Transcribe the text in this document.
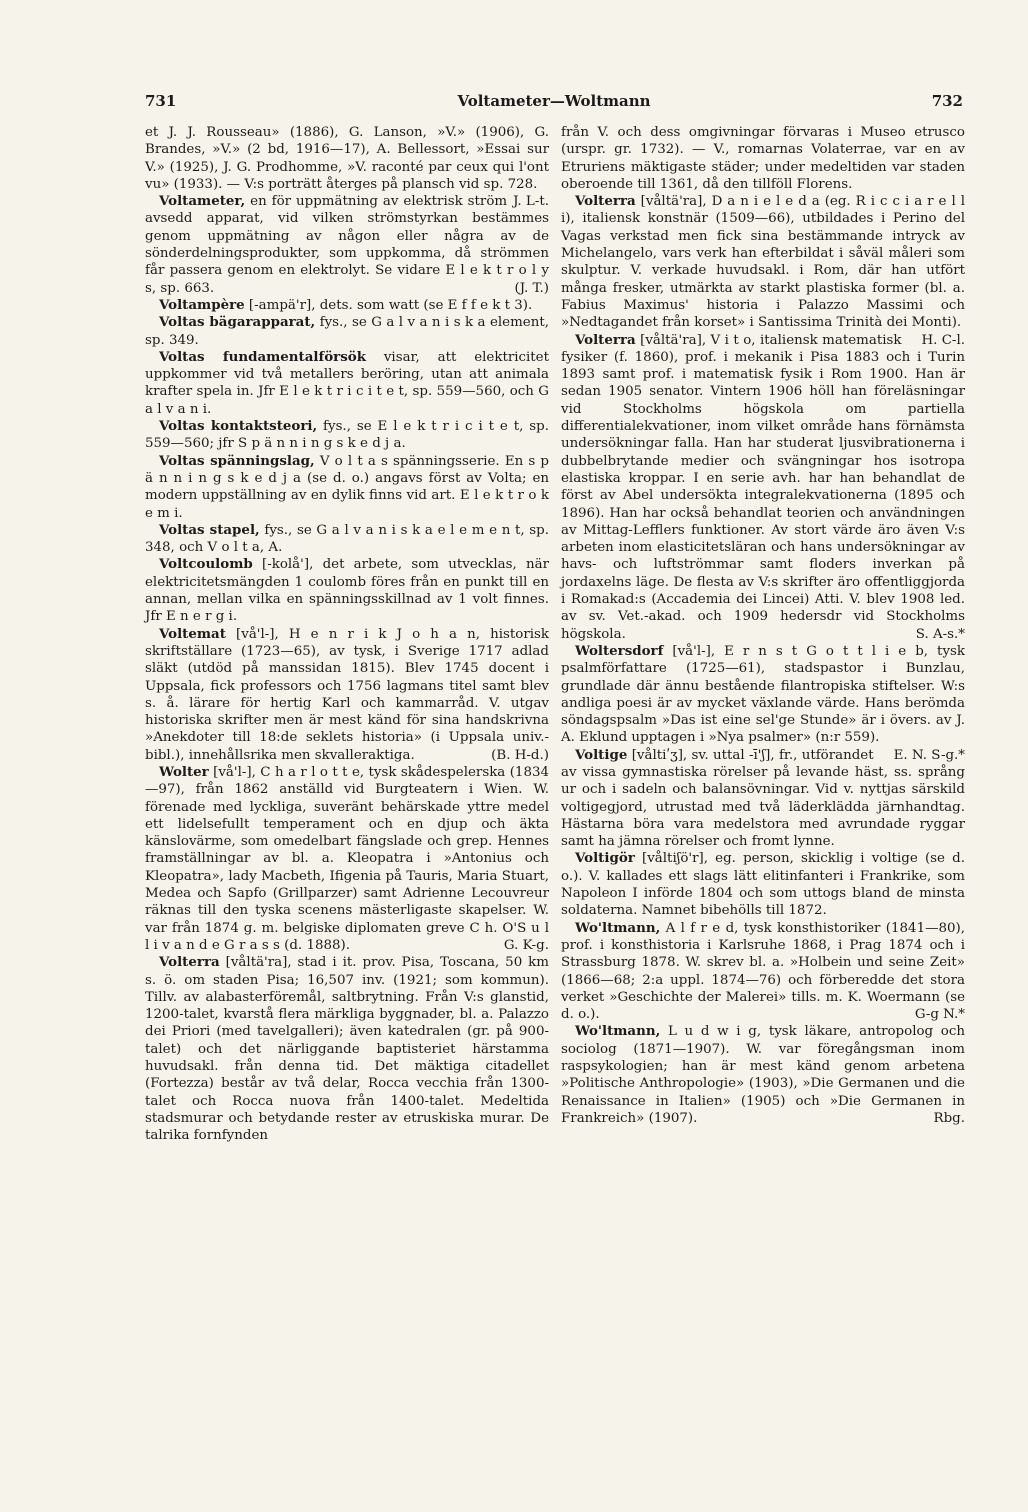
731	Voltameter—Woltmann	732

et J. J. Rousseau» (1886), G. Lanson, »V.» (1906), G. Brandes, »V.» (2 bd, 1916—17), A. Bellessort, »Essai sur V.» (1925), J. G. Prodhomme, »V. raconté par ceux qui l'ont vu» (1933). — V:s porträtt återges på plansch vid sp. 728.
J. L-t.

Voltameter, en för uppmätning av elektrisk ström avsedd apparat, vid vilken strömstyrkan bestämmes genom uppmätning av någon eller några av de sönderdelningsprodukter, som uppkomma, då strömmen får passera genom en elektrolyt. Se vidare E l e k t r o l y s, sp. 663.	(J. T.)

Voltampère [-ampä'r], dets. som watt (se E f f e k t 3).

Voltas bägarapparat, fys., se G a l v a n i s k a element, sp. 349.

Voltas fundamentalförsök visar, att elektricitet uppkommer vid två metallers beröring, utan att animala krafter spela in. Jfr E l e k t r i c i t e t, sp. 559—560, och G a l v a n i.

Voltas kontaktsteori, fys., se E l e k t r i c i t e t, sp. 559—560; jfr S p ä n n i n g s k e d j a.

Voltas spänningslag, V o l t a s spänningsserie. En s p ä n n i n g s k e d j a (se d. o.) angavs först av Volta; en modern uppställning av en dylik finns vid art. E l e k t r o k e m i.

Voltas stapel, fys., se G a l v a n i s k a e l e m e n t, sp. 348, och V o l t a, A.

Voltcoulomb [-kolå'], det arbete, som utvecklas, när elektricitetsmängden 1 coulomb föres från en punkt till en annan, mellan vilka en spänningsskillnad av 1 volt finnes. Jfr E n e r g i.

Voltemat [vå'l-], H e n r i k J o h a n, historisk skriftställare (1723—65), av tysk, i Sverige 1717 adlad släkt (utdöd på manssidan 1815). Blev 1745 docent i Uppsala, fick professors och 1756 lagmans titel samt blev s. å. lärare för hertig Karl och kammarråd. V. utgav historiska skrifter men är mest känd för sina handskrivna »Anekdoter till 18:de seklets historia» (i Uppsala univ.-bibl.), innehållsrika men skvalleraktiga.	(B. H-d.)

Wolter [vå'l-], C h a r l o t t e, tysk skådespelerska (1834—97), från 1862 anställd vid Burgteatern i Wien. W. förenade med lyckliga, suveränt behärskade yttre medel ett lidelsefullt temperament och en djup och äkta känslovärme, som omedelbart fängslade och grep. Hennes framställningar av bl. a. Kleopatra i »Antonius och Kleopatra», lady Macbeth, Ifigenia på Tauris, Maria Stuart, Medea och Sapfo (Grillparzer) samt Adrienne Lecouvreur räknas till den tyska scenens mästerligaste skapelser. W. var från 1874 g. m. belgiske diplomaten greve C h. O'S u l l i v a n d e G r a s s (d. 1888).	G. K-g.

Volterra [våltä'ra], stad i it. prov. Pisa, Toscana, 50 km s. ö. om staden Pisa; 16,507 inv. (1921; som kommun). Tillv. av alabasterföremål, saltbrytning. Från V:s glanstid, 1200-talet, kvarstå flera märkliga byggnader, bl. a. Palazzo dei Priori (med tavelgalleri); även katedralen (gr. på 900-talet) och det närliggande baptisteriet härstamma huvudsakl. från denna tid. Det mäktiga citadellet (Fortezza) består av två delar, Rocca vecchia från 1300-talet och Rocca nuova från 1400-talet. Medeltida stadsmurar och betydande rester av etruskiska murar. De talrika fornfynden

från V. och dess omgivningar förvaras i Museo etrusco (urspr. gr. 1732). — V., romarnas Volaterrae, var en av Etruriens mäktigaste städer; under medeltiden var staden oberoende till 1361, då den tillföll Florens.

Volterra [våltä'ra], D a n i e l e d a (eg. R i c c i a r e l l i), italiensk konstnär (1509—66), utbildades i Perino del Vagas verkstad men fick sina bestämmande intryck av Michelangelo, vars verk han efterbildat i såväl måleri som skulptur. V. verkade huvudsakl. i Rom, där han utfört många fresker, utmärkta av starkt plastiska former (bl. a. Fabius Maximus' historia i Palazzo Massimi och »Nedtagandet från korset» i Santissima Trinità dei Monti).
H. C-l.

Volterra [våltä'ra], V i t o, italiensk matematisk fysiker (f. 1860), prof. i mekanik i Pisa 1883 och i Turin 1893 samt prof. i matematisk fysik i Rom 1900. Han är sedan 1905 senator. Vintern 1906 höll han föreläsningar vid Stockholms högskola om partiella differentialekvationer, inom vilket område hans förnämsta undersökningar falla. Han har studerat ljusvibrationerna i dubbelbrytande medier och svängningar hos isotropa elastiska kroppar. I en serie avh. har han behandlat de först av Abel undersökta integralekvationerna (1895 och 1896). Han har också behandlat teorien och användningen av Mittag-Lefflers funktioner. Av stort värde äro även V:s arbeten inom elasticitetsläran och hans undersökningar av havs- och luftströmmar samt floders inverkan på jordaxelns läge. De flesta av V:s skrifter äro offentliggjorda i Romakad:s (Accademia dei Lincei) Atti. V. blev 1908 led. av sv. Vet.-akad. och 1909 hedersdr vid Stockholms högskola.	S. A-s.*

Woltersdorf [vå'l-], E r n s t G o t t l i e b, tysk psalmförfattare (1725—61), stadspastor i Bunzlau, grundlade där ännu bestående filantropiska stiftelser. W:s andliga poesi är av mycket växlande värde. Hans berömda söndagspsalm »Das ist eine sel'ge Stunde» är i övers. av J. A. Eklund upptagen i »Nya psalmer» (n:r 559).
E. N. S-g.*

Voltige [våltiʹʒ], sv. uttal -ī'ʃ], fr., utförandet av vissa gymnastiska rörelser på levande häst, ss. språng ur och i sadeln och balansövningar. Vid v. nyttjas särskild voltigegjord, utrustad med två läderklädda järnhandtag. Hästarna böra vara medelstora med avrundade ryggar samt ha jämna rörelser och fromt lynne.

Voltigör [våltiʃö'r], eg. person, skicklig i voltige (se d. o.). V. kallades ett slags lätt elitinfanteri i Frankrike, som Napoleon I införde 1804 och som uttogs bland de minsta soldaterna. Namnet bibehölls till 1872.

Wo'ltmann, A l f r e d, tysk konsthistoriker (1841—80), prof. i konsthistoria i Karlsruhe 1868, i Prag 1874 och i Strassburg 1878. W. skrev bl. a. »Holbein und seine Zeit» (1866—68; 2:a uppl. 1874—76) och förberedde det stora verket »Geschichte der Malerei» tills. m. K. Woermann (se d. o.).	G-g N.*

Wo'ltmann, L u d w i g, tysk läkare, antropolog och sociolog (1871—1907). W. var föregångsman inom raspsykologien; han är mest känd genom arbetena »Politische Anthropologie» (1903), »Die Germanen und die Renaissance in Italien» (1905) och »Die Germanen in Frankreich» (1907).	Rbg.
